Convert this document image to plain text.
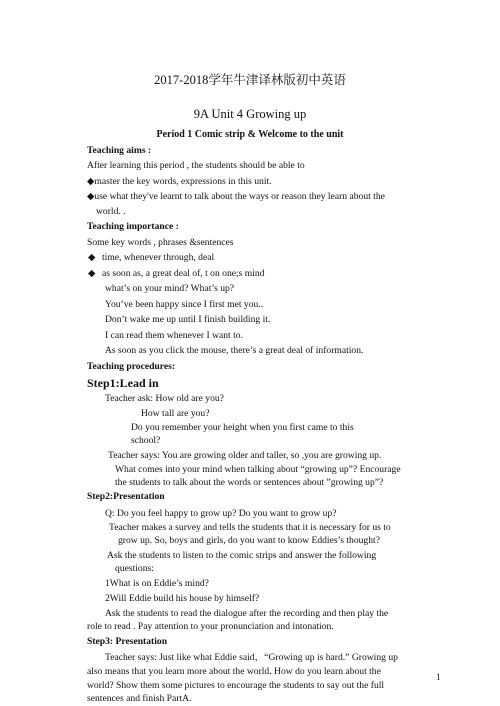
2017-2018学年牛津译林版初中英语
9A Unit 4 Growing up
Period 1 Comic strip & Welcome to the unit
Teaching aims :
After learning this period , the students should be able to
◆master the key words, expressions in this unit.
◆use what they've learnt to talk about the ways or reason they learn about the
world. .
Teaching importance :
Some key words , phrases &sentences
◆ time, whenever through, deal
◆ as soon as, a great deal of, t on one;s mind
what’s on your mind? What’s up?
You’ve been happy since I first met you..
Don’t wake me up until I finish building it.
I can read them whenever I want to.
As soon as you click the mouse, there’s a great deal of information.
Teaching procedures:
Step1:Lead in
Teacher ask: How old are you?
How tall are you?
Do you remember your height when you first came to this
school?
Teacher says: You are growing older and taller, so ,you are growing up.
What comes into your mind when talking about “growing up”? Encourage
the students to talk about the words or sentences about ”growing up”?
Step2:Presentation
Q: Do you feel happy to grow up? Do you want to grow up?
Teacher makes a survey and tells the students that it is necessary for us to
grow up. So, boys and girls, do you want to know Eddies’s thought?
Ask the students to listen to the comic strips and answer the following
questions:
1What is on Eddie’s mind?
2Will Eddie build his house by himself?
Ask the students to read the dialogue after the recording and then play the
role to read . Pay attention to your pronunciation and intonation.
Step3: Presentation
Teacher says: Just like what Eddie said，“Growing up is hard.” Growing up
also means that you learn more about the world. How do you learn about the
world? Show them some pictures to encourage the students to say out the full
sentences and finish PartA.
1
